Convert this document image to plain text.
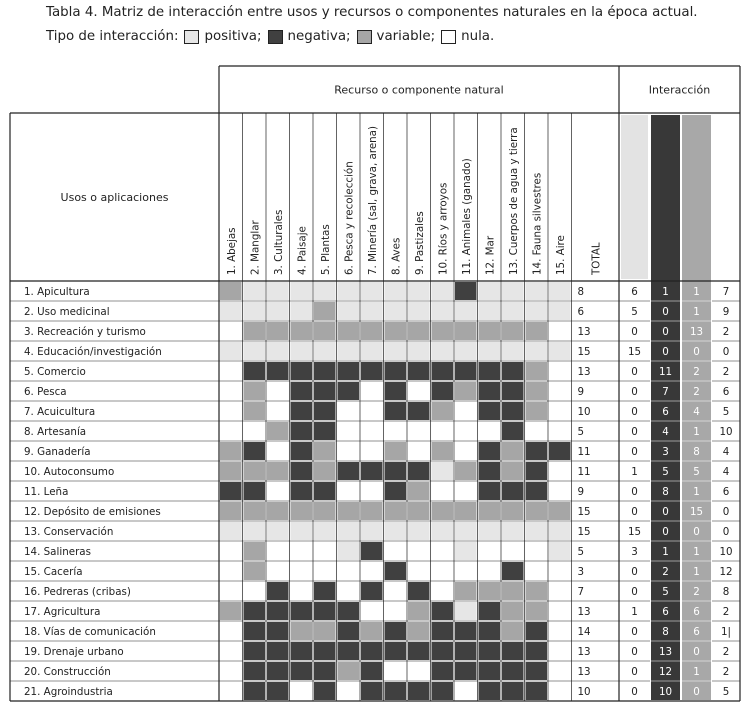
Tabla 4. Matriz de interacción entre usos y recursos o componentes naturales en la época actual.
Tipo de interacción: positiva; negativa; variable; nula.
Usos o aplicaciones
Recurso o componente natural	Interacción
1. Abejas 2. Manglar 3. Culturales 4. Paisaje 5. Plantas 6. Pesca y recolección 7. Minería (sal, grava, arena) 8. Aves 9. Pastizales 10. Ríos y arroyos 11. Animales (ganado) 12. Mar 13. Cuerpos de agua y tierra 14. Fauna silvestres 15. Aire TOTAL
1. Apicultura	8	6 1 1 7
2. Uso medicinal	6	5 0 1 9
3. Recreación y turismo	13	0 0 13 2
4. Educación/investigación	15	15 0 0 0
5. Comercio	13	0 11 2 2
6. Pesca	9	0 7 2 6
7. Acuicultura	10	0 6 4 5
8. Artesanía	5	0 4 1 10
9. Ganadería	11	0 3 8 4
10. Autoconsumo	11	1 5 5 4
11. Leña	9	0 8 1 6
12. Depósito de emisiones	15	0 0 15 0
13. Conservación	15	15 0 0 0
14. Salineras	5	3 1 1 10
15. Cacería	3	0 2 1 12
16. Pedreras (cribas)	7	0 5 2 8
17. Agricultura	13	1 6 6 2
18. Vías de comunicación	14	0 8 6 1|
19. Drenaje urbano	13	0 13 0 2
20. Construcción	13	0 12 1 2
21. Agroindustria	10	0 10 0 5
